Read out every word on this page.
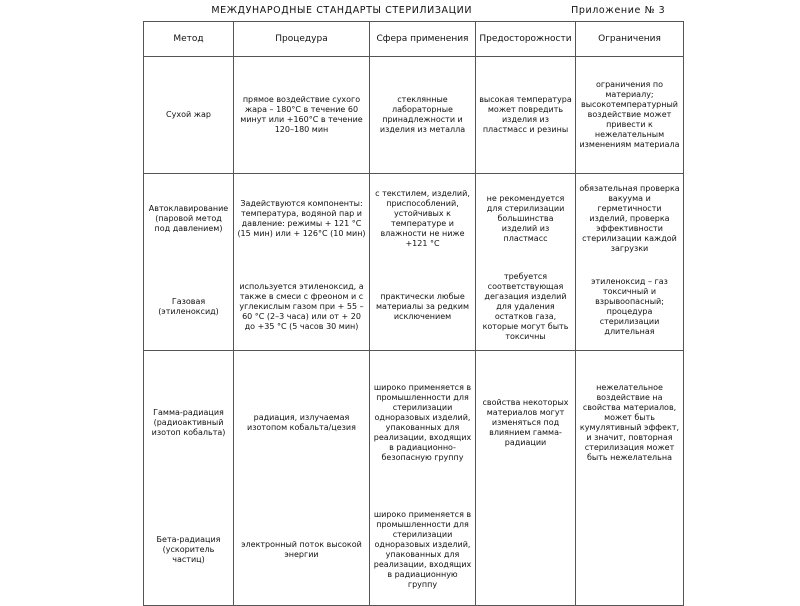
МЕЖДУНАРОДНЫЕ СТАНДАРТЫ СТЕРИЛИЗАЦИИ Приложение № 3				
Метод	Процедура	Сфера применения	Предосторожности	Ограничения
Сухой жар	прямое воздействие сухого жара – 180°С в течение 60 минут или +160°С в течение 120–180 мин	стеклянные лабораторные принадлежности и изделия из металла	высокая температура может повредить изделия из пластмасс и резины	ограничения по материалу; высокотемпературный воздействие может привести к нежелательным изменениям материала
Автоклавирование (паровой метод под давлением)	Задействуются компоненты: температура, водяной пар и давление: режимы + 121 °С (15 мин) или + 126°С (10 мин)	с текстилем, изделий, приспособлений, устойчивых к температуре и влажности не ниже +121 °С	не рекомендуется для стерилизации большинства изделий из пластмасс	обязательная проверка вакуума и герметичности изделий, проверка эффективности стерилизации каждой загрузки
Газовая (этиленоксид)	используется этиленоксид, а также в смеси с фреоном и с углекислым газом при + 55 – 60 °С (2–3 часа) или от + 20 до +35 °С (5 часов 30 мин)	практически любые материалы за редким исключением	требуется соответствующая дегазация изделий для удаления остатков газа, которые могут быть токсичны	этиленоксид – газ токсичный и взрывоопасный; процедура стерилизации длительная
Гамма-радиация (радиоактивный изотоп кобальта)	радиация, излучаемая изотопом кобальта/цезия	широко применяется в промышленности для стерилизации одноразовых изделий, упакованных для реализации, входящих в радиационно-безопасную группу	свойства некоторых материалов могут изменяться под влиянием гамма-радиации	нежелательное воздействие на свойства материалов, может быть кумулятивный эффект, и значит, повторная стерилизация может быть нежелательна
Бета-радиация (ускоритель частиц)	электронный поток высокой энергии	широко применяется в промышленности для стерилизации одноразовых изделий, упакованных для реализации, входящих в радиационную группу		
